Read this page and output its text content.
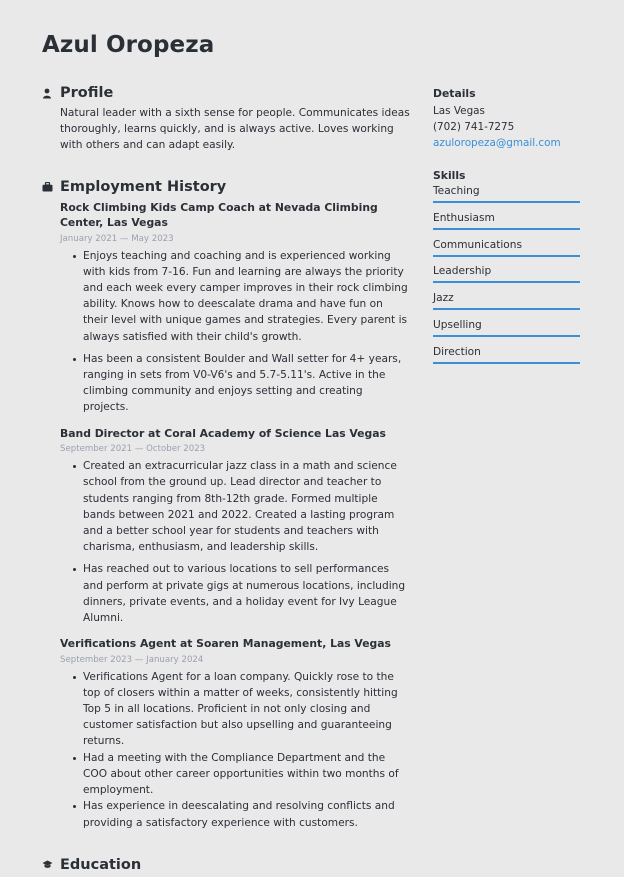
Azul Oropeza
Profile
Natural leader with a sixth sense for people. Communicates ideas thoroughly, learns quickly, and is always active. Loves working with others and can adapt easily.
Employment History
Rock Climbing Kids Camp Coach at Nevada Climbing Center, Las Vegas
January 2021 — May 2023
Enjoys teaching and coaching and is experienced working with kids from 7-16. Fun and learning are always the priority and each week every camper improves in their rock climbing ability. Knows how to deescalate drama and have fun on their level with unique games and strategies. Every parent is always satisfied with their child's growth.
Has been a consistent Boulder and Wall setter for 4+ years, ranging in sets from V0-V6's and 5.7-5.11's. Active in the climbing community and enjoys setting and creating projects.
Band Director at Coral Academy of Science Las Vegas
September 2021 — October 2023
Created an extracurricular jazz class in a math and science school from the ground up. Lead director and teacher to students ranging from 8th-12th grade. Formed multiple bands between 2021 and 2022. Created a lasting program and a better school year for students and teachers with charisma, enthusiasm, and leadership skills.
Has reached out to various locations to sell performances and perform at private gigs at numerous locations, including dinners, private events, and a holiday event for Ivy League Alumni.
Verifications Agent at Soaren Management, Las Vegas
September 2023 — January 2024
Verifications Agent for a loan company. Quickly rose to the top of closers within a matter of weeks, consistently hitting Top 5 in all locations. Proficient in not only closing and customer satisfaction but also upselling and guaranteeing returns.
Had a meeting with the Compliance Department and the COO about other career opportunities within two months of employment.
Has experience in deescalating and resolving conflicts and providing a satisfactory experience with customers.
Education
Details
Las Vegas
(702) 741-7275
azuloropeza@gmail.com
Skills
Teaching
Enthusiasm
Communications
Leadership
Jazz
Upselling
Direction
